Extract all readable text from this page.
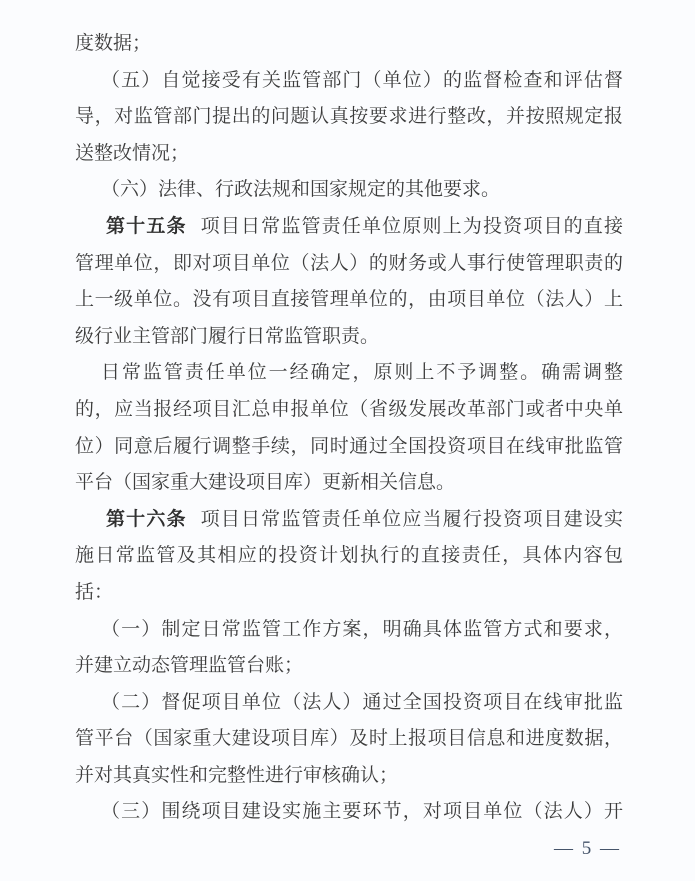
度数据；
（五）自觉接受有关监管部门（单位）的监督检查和评估督
导，对监管部门提出的问题认真按要求进行整改，并按照规定报
送整改情况；
（六）法律、行政法规和国家规定的其他要求。
第十五条 项目日常监管责任单位原则上为投资项目的直接
管理单位，即对项目单位（法人）的财务或人事行使管理职责的
上一级单位。没有项目直接管理单位的，由项目单位（法人）上
级行业主管部门履行日常监管职责。
日常监管责任单位一经确定，原则上不予调整。确需调整
的，应当报经项目汇总申报单位（省级发展改革部门或者中央单
位）同意后履行调整手续，同时通过全国投资项目在线审批监管
平台（国家重大建设项目库）更新相关信息。
第十六条 项目日常监管责任单位应当履行投资项目建设实
施日常监管及其相应的投资计划执行的直接责任，具体内容包
括：
（一）制定日常监管工作方案，明确具体监管方式和要求，
并建立动态管理监管台账；
（二）督促项目单位（法人）通过全国投资项目在线审批监
管平台（国家重大建设项目库）及时上报项目信息和进度数据，
并对其真实性和完整性进行审核确认；
（三）围绕项目建设实施主要环节，对项目单位（法人）开
— 5 —
